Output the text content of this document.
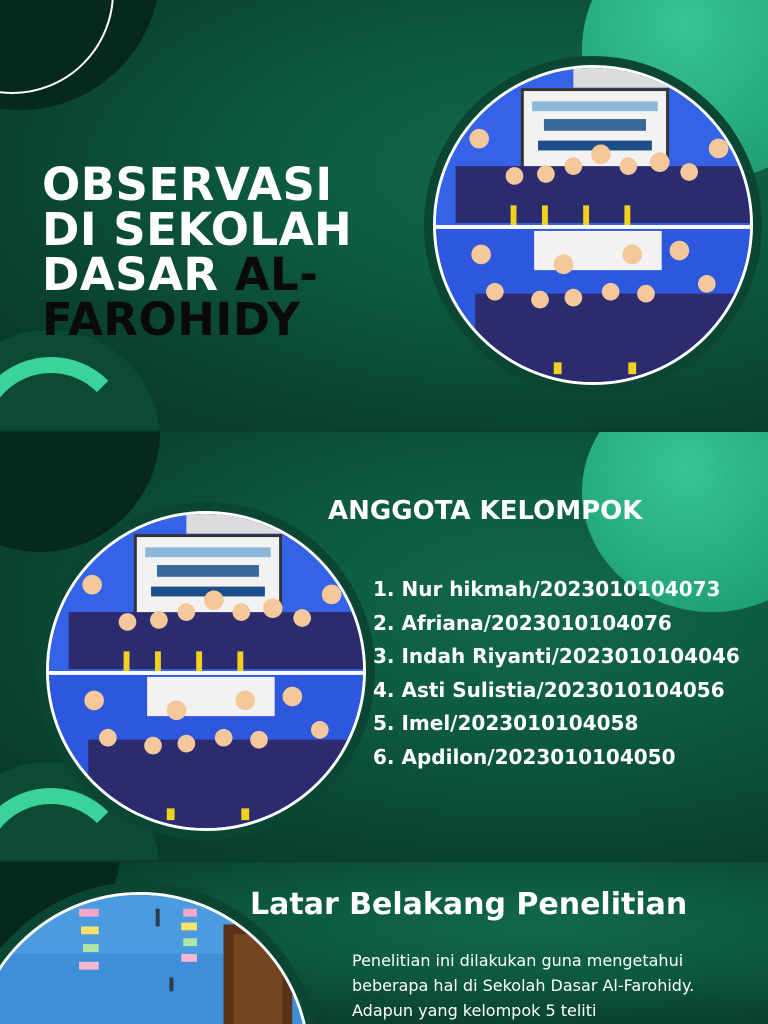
OBSERVASI
DI SEKOLAH
DASAR AL-
FAROHIDY
ANGGOTA KELOMPOK
1. Nur hikmah/2023010104073
2. Afriana/2023010104076
3. Indah Riyanti/2023010104046
4. Asti Sulistia/2023010104056
5. Imel/2023010104058
6. Apdilon/2023010104050
Latar Belakang Penelitian

Penelitian ini dilakukan guna mengetahui beberapa hal di Sekolah Dasar Al-Farohidy. Adapun yang kelompok 5 teliti
